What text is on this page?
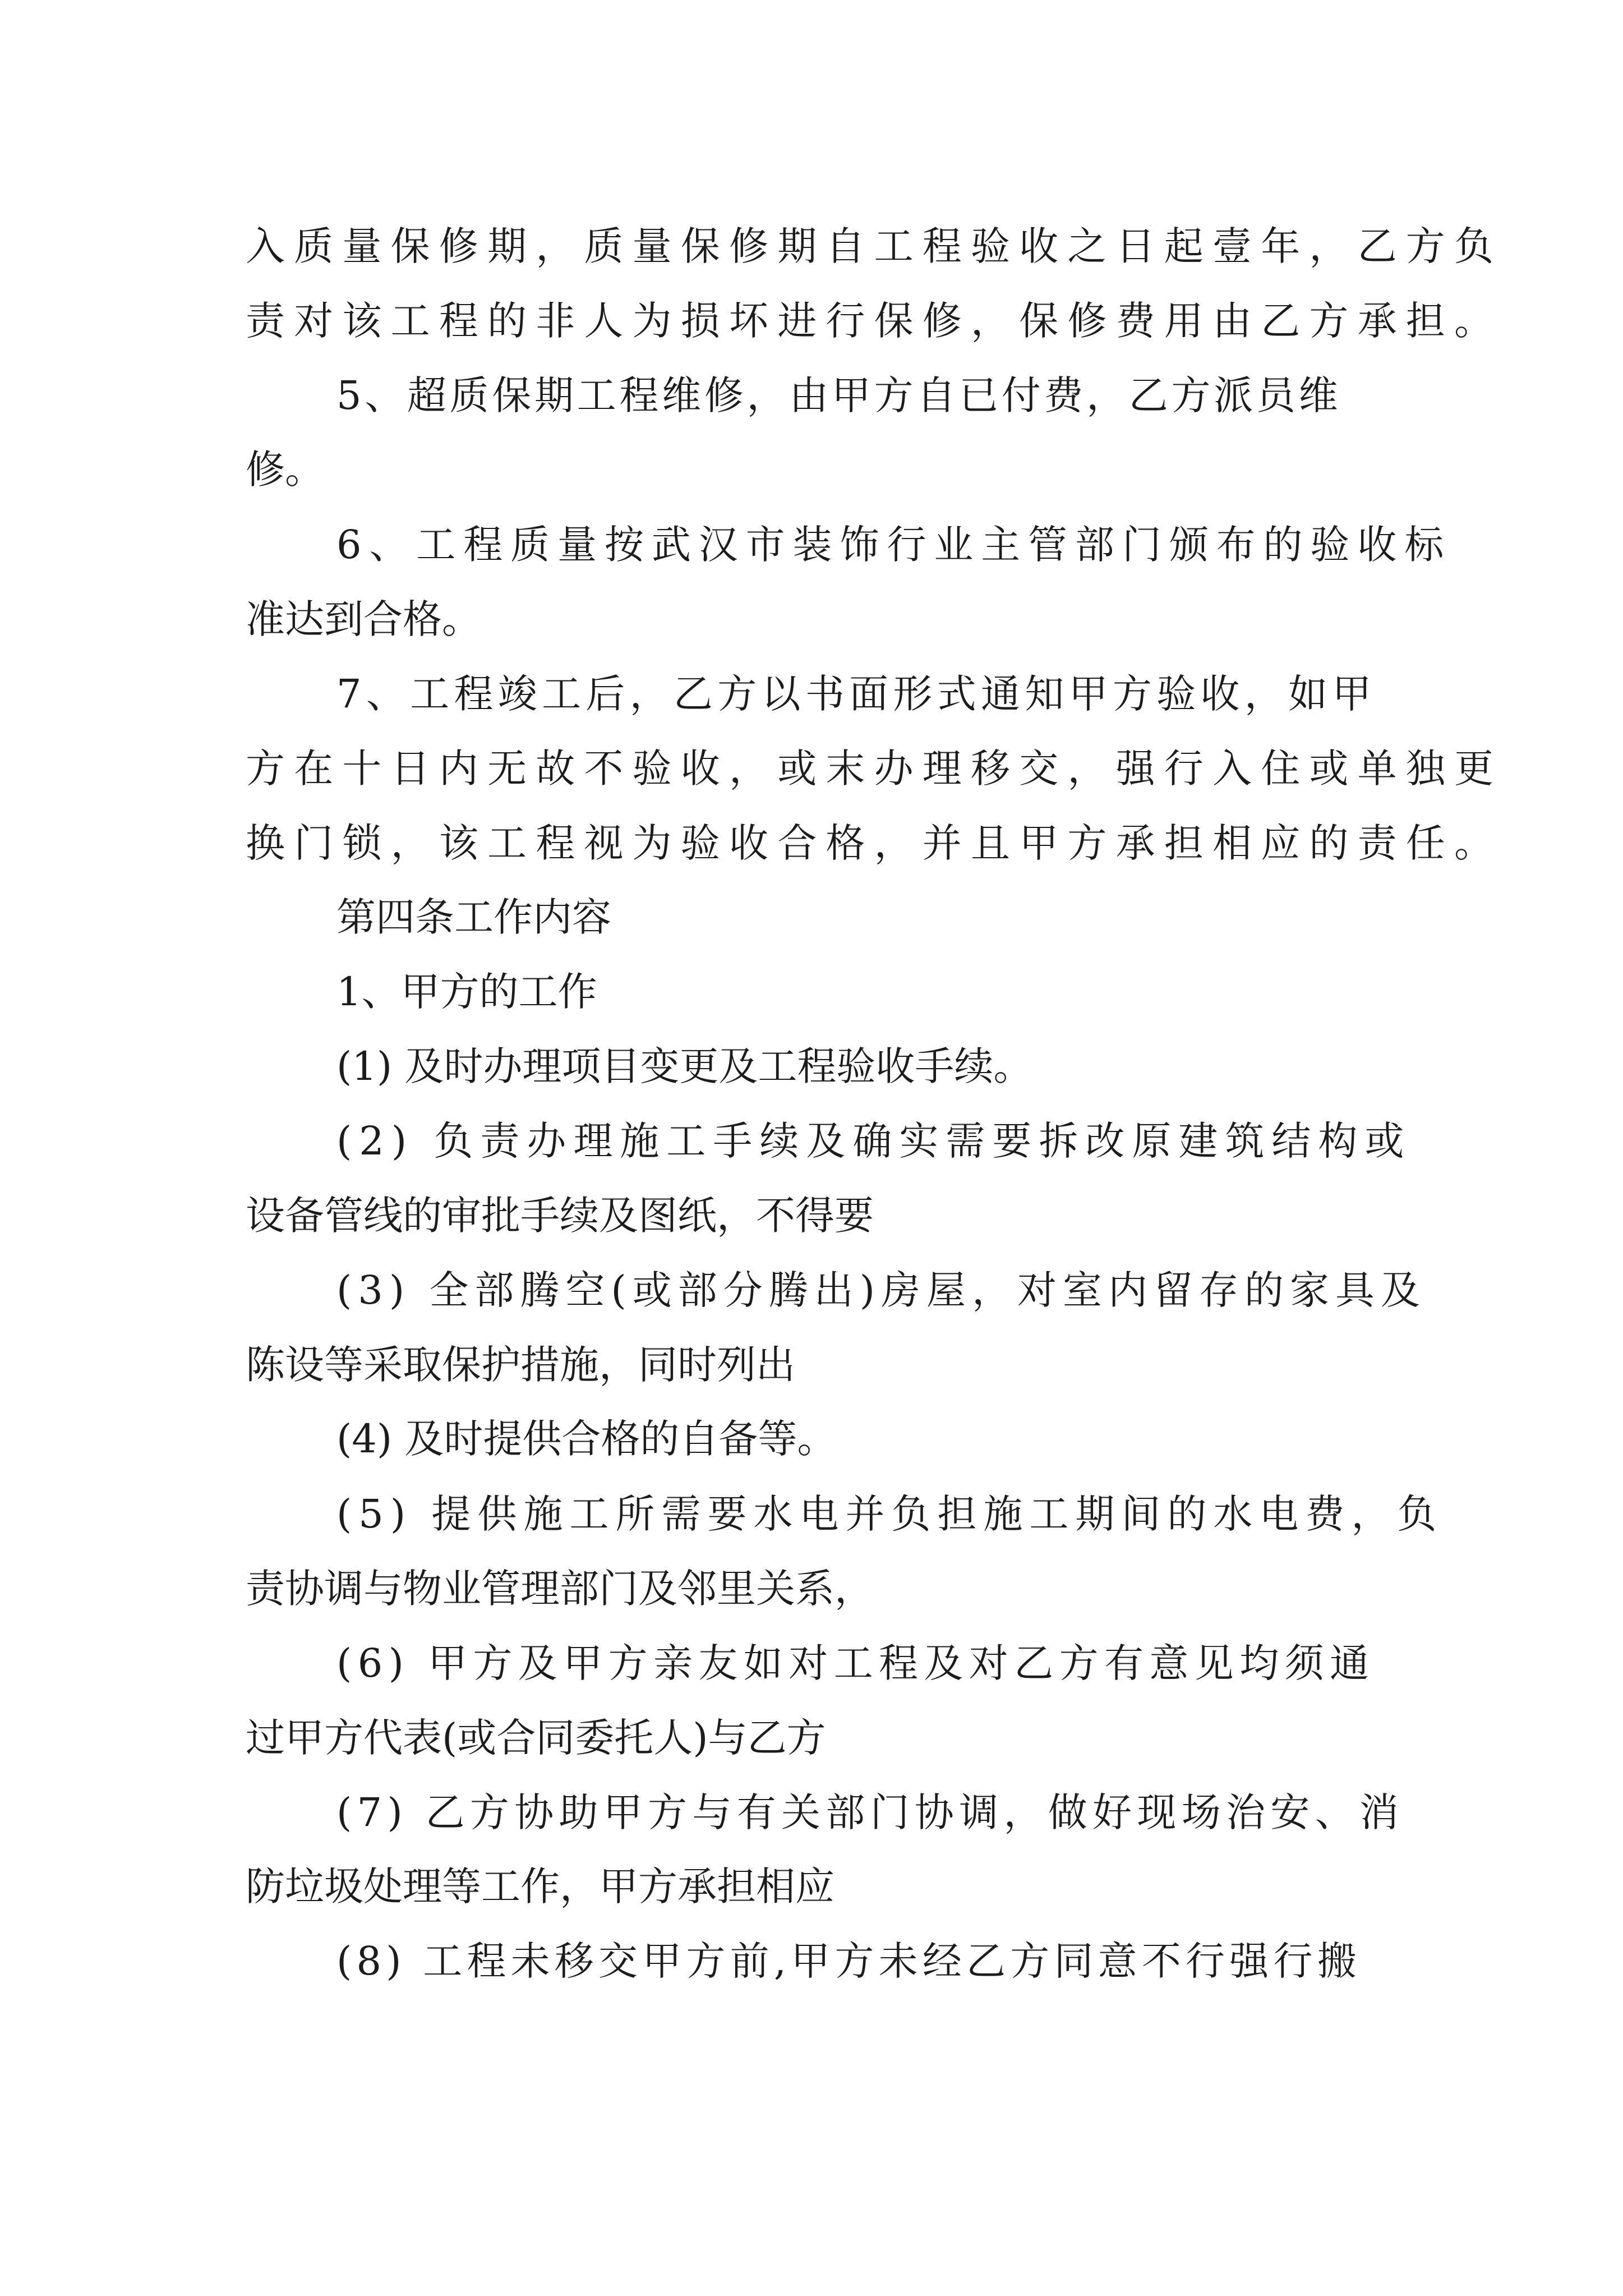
入质量保修期，质量保修期自工程验收之日起壹年，乙方负

责对该工程的非人为损坏进行保修，保修费用由乙方承担。

5、超质保期工程维修，由甲方自已付费，乙方派员维

修。

6、工程质量按武汉市装饰行业主管部门颁布的验收标

准达到合格。

7、工程竣工后，乙方以书面形式通知甲方验收，如甲

方在十日内无故不验收，或末办理移交，强行入住或单独更

换门锁，该工程视为验收合格，并且甲方承担相应的责任。

第四条工作内容

1、甲方的工作

(1) 及时办理项目变更及工程验收手续。

(2) 负责办理施工手续及确实需要拆改原建筑结构或

设备管线的审批手续及图纸，不得要

(3) 全部腾空(或部分腾出)房屋，对室内留存的家具及

陈设等采取保护措施，同时列出

(4) 及时提供合格的自备等。

(5) 提供施工所需要水电并负担施工期间的水电费，负

责协调与物业管理部门及邻里关系，

(6) 甲方及甲方亲友如对工程及对乙方有意见均须通

过甲方代表(或合同委托人)与乙方

(7) 乙方协助甲方与有关部门协调，做好现场治安、消

防垃圾处理等工作，甲方承担相应

(8) 工程未移交甲方前,甲方未经乙方同意不行强行搬
